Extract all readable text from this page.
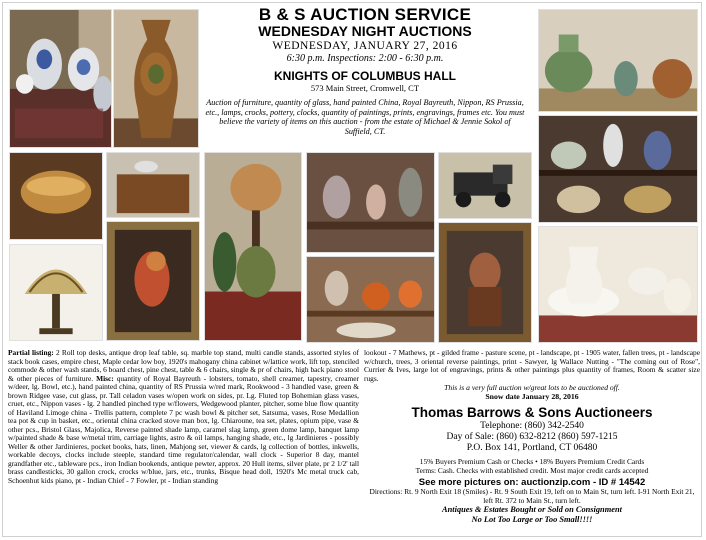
B & S AUCTION SERVICE
WEDNESDAY NIGHT AUCTIONS
WEDNESDAY, JANUARY 27, 2016
6:30 p.m. Inspections: 2:00 - 6:30 p.m.
KNIGHTS OF COLUMBUS HALL
573 Main Street, Cromwell, CT
Auction of furniture, quantity of glass, hand painted China, Royal Bayreuth, Nippon, RS Prussia, etc., lamps, crocks, pottery, clocks, quantity of paintings, prints, engravings, frames etc. You must believe the variety of items on this auction - from the estate of Michael & Jennie Sokol of Suffield, CT.
Partial listing: 2 Roll top desks, antique drop leaf table, sq. marble top stand, multi candle stands, assorted styles of stack book cases, empire chest, Maple cedar low boy, 1920's mahogany china cabinet w/lattice work, lift top, stenciled commode & other wash stands, 6 board chest, pine chest, table & 6 chairs, single & pr of chairs, high back piano stool & other pieces of furniture. Misc: quantity of Royal Bayreuth - lobsters, tomato, shell creamer, tapestry, creamer w/deer, lg. Bowl, etc.), hand painted china, quantity of RS Prussia w/red mark, Rookwood - 3 handled vase, green & brown Ridgee vase, cut glass, pr. Tall celadon vases w/open work on sides, pr. Lg. Fluted top Bohemian glass vases, cruet, etc., Nippon vases - lg. 2 handled pinched type w/flowers, Wedgewood planter, pitcher, some blue flow quantity of Haviland Limoge china - Trellis pattern, complete 7 pc wash bowl & pitcher set, Satsuma, vases, Rose Medallion tea pot & cup in basket, etc., oriental china cracked stove man box, lg. Chiaroune, tea set, plates, opium pipe, vase & other pcs., Bristol Glass, Majolica, Reverse painted shade lamp, caramel slag lamp, green dome lamp, banquet lamp w/painted shade & base w/metal trim, carriage lights, astro & oil lamps, hanging shade, etc., lg Jardinieres - possibly Weller & other Jardinieres, pocket books, hats, linen, Mahjong set, viewer & cards, lg collection of bottles, inkwells, workable decoys, clocks include steeple, standard time regulator/calendar, wall clock - Superior 8 day, mantel grandfather etc., tableware pcs., iron Indian bookends, antique pewter, approx. 20 Hull items, silver plate, pr 2 1/2' tall brass candlesticks, 30 gallon crock, crocks w/blue, jars, etc., trunks, Bisque head doll, 1920's Mc metal truck cab, Schoenhut kids piano, pt - Indian Chief - 7 Fowler, pt - Indian standing
lookout - 7 Mathews, pt - gilded frame - pasture scene, pt - landscape, pt - 1905 water, fallen trees, pt - landscape w/church, trees, 3 oriental reverse paintings, print - Sawyer, lg Wallace Nutting - "The coming out of Rose", Currier & Ives, large lot of engravings, prints & other paintings plus quantity of frames, Room & scatter size rugs.
This is a very full auction w/great lots to be auctioned off.
Snow date January 28, 2016
Thomas Barrows & Sons Auctioneers
Telephone: (860) 342-2540
Day of Sale: (860) 632-8212 (860) 597-1215
P.O. Box 141, Portland, CT 06480
15% Buyers Premium Cash or Checks • 18% Buyers Premium Credit Cards
Terms: Cash. Checks with established credit. Most major credit cards accepted
See more pictures on: auctionzip.com - ID # 14542
Directions: Rt. 9 North Exit 18 (Smiles) - Rt. 9 South Exit 19, left on to Main St, turn left. I-91 North Exit 21, left Rt. 372 to Main St., turn left.
Antiques & Estates Bought or Sold on Consignment
No Lot Too Large or Too Small!!!!
